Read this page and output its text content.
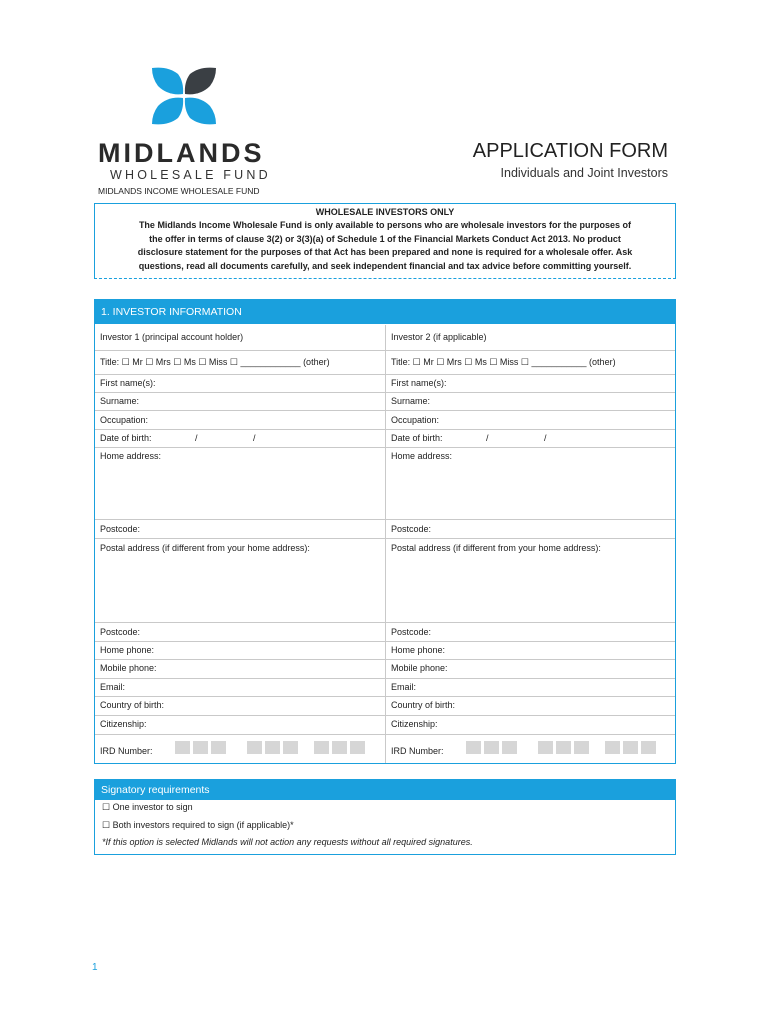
MIDLANDS
WHOLESALE FUND
MIDLANDS INCOME WHOLESALE FUND
APPLICATION FORM
Individuals and Joint Investors
WHOLESALE INVESTORS ONLY
The Midlands Income Wholesale Fund is only available to persons who are wholesale investors for the purposes of
the offer in terms of clause 3(2) or 3(3)(a) of Schedule 1 of the Financial Markets Conduct Act 2013. No product
disclosure statement for the purposes of that Act has been prepared and none is required for a wholesale offer. Ask
questions, read all documents carefully, and seek independent financial and tax advice before committing yourself.
1. INVESTOR INFORMATION
Investor 1 (principal account holder)	Investor 2 (if applicable)
Title: ☐ Mr ☐ Mrs ☐ Ms ☐ Miss ☐ ____________ (other)	Title: ☐ Mr ☐ Mrs ☐ Ms ☐ Miss ☐ ___________ (other)
First name(s):	First name(s):
Surname:	Surname:
Occupation:	Occupation:
Date of birth:	/	/	Date of birth:	/	/
Home address:	Home address:
Postcode:	Postcode:
Postal address (if different from your home address):	Postal address (if different from your home address):
Postcode:	Postcode:
Home phone:	Home phone:
Mobile phone:	Mobile phone:
Email:	Email:
Country of birth:	Country of birth:
Citizenship:	Citizenship:
IRD Number:	IRD Number:
Signatory requirements
☐ One investor to sign
☐ Both investors required to sign (if applicable)*
*If this option is selected Midlands will not action any requests without all required signatures.
1
